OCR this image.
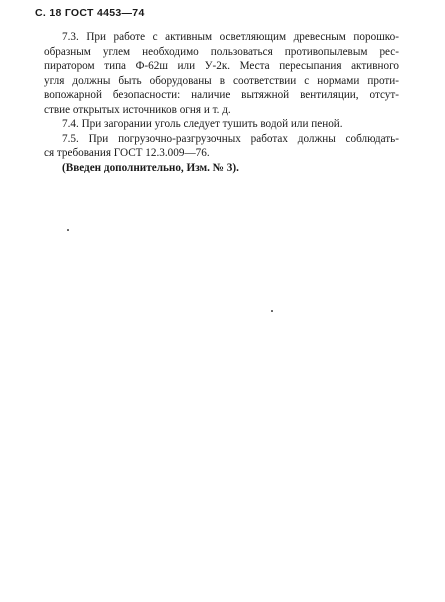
С. 18 ГОСТ 4453—74
7.3. При работе с активным осветляющим древесным порошко-
образным углем необходимо пользоваться противопылевым рес-
пиратором типа Ф-62ш или У-2к. Места пересыпания активного
угля должны быть оборудованы в соответствии с нормами проти-
вопожарной безопасности: наличие вытяжной вентиляции, отсут-
ствие открытых источников огня и т. д.
7.4. При загорании уголь следует тушить водой или пеной.
7.5. При погрузочно-разгрузочных работах должны соблюдать-
ся требования ГОСТ 12.3.009—76.
(Введен дополнительно, Изм. № 3).
